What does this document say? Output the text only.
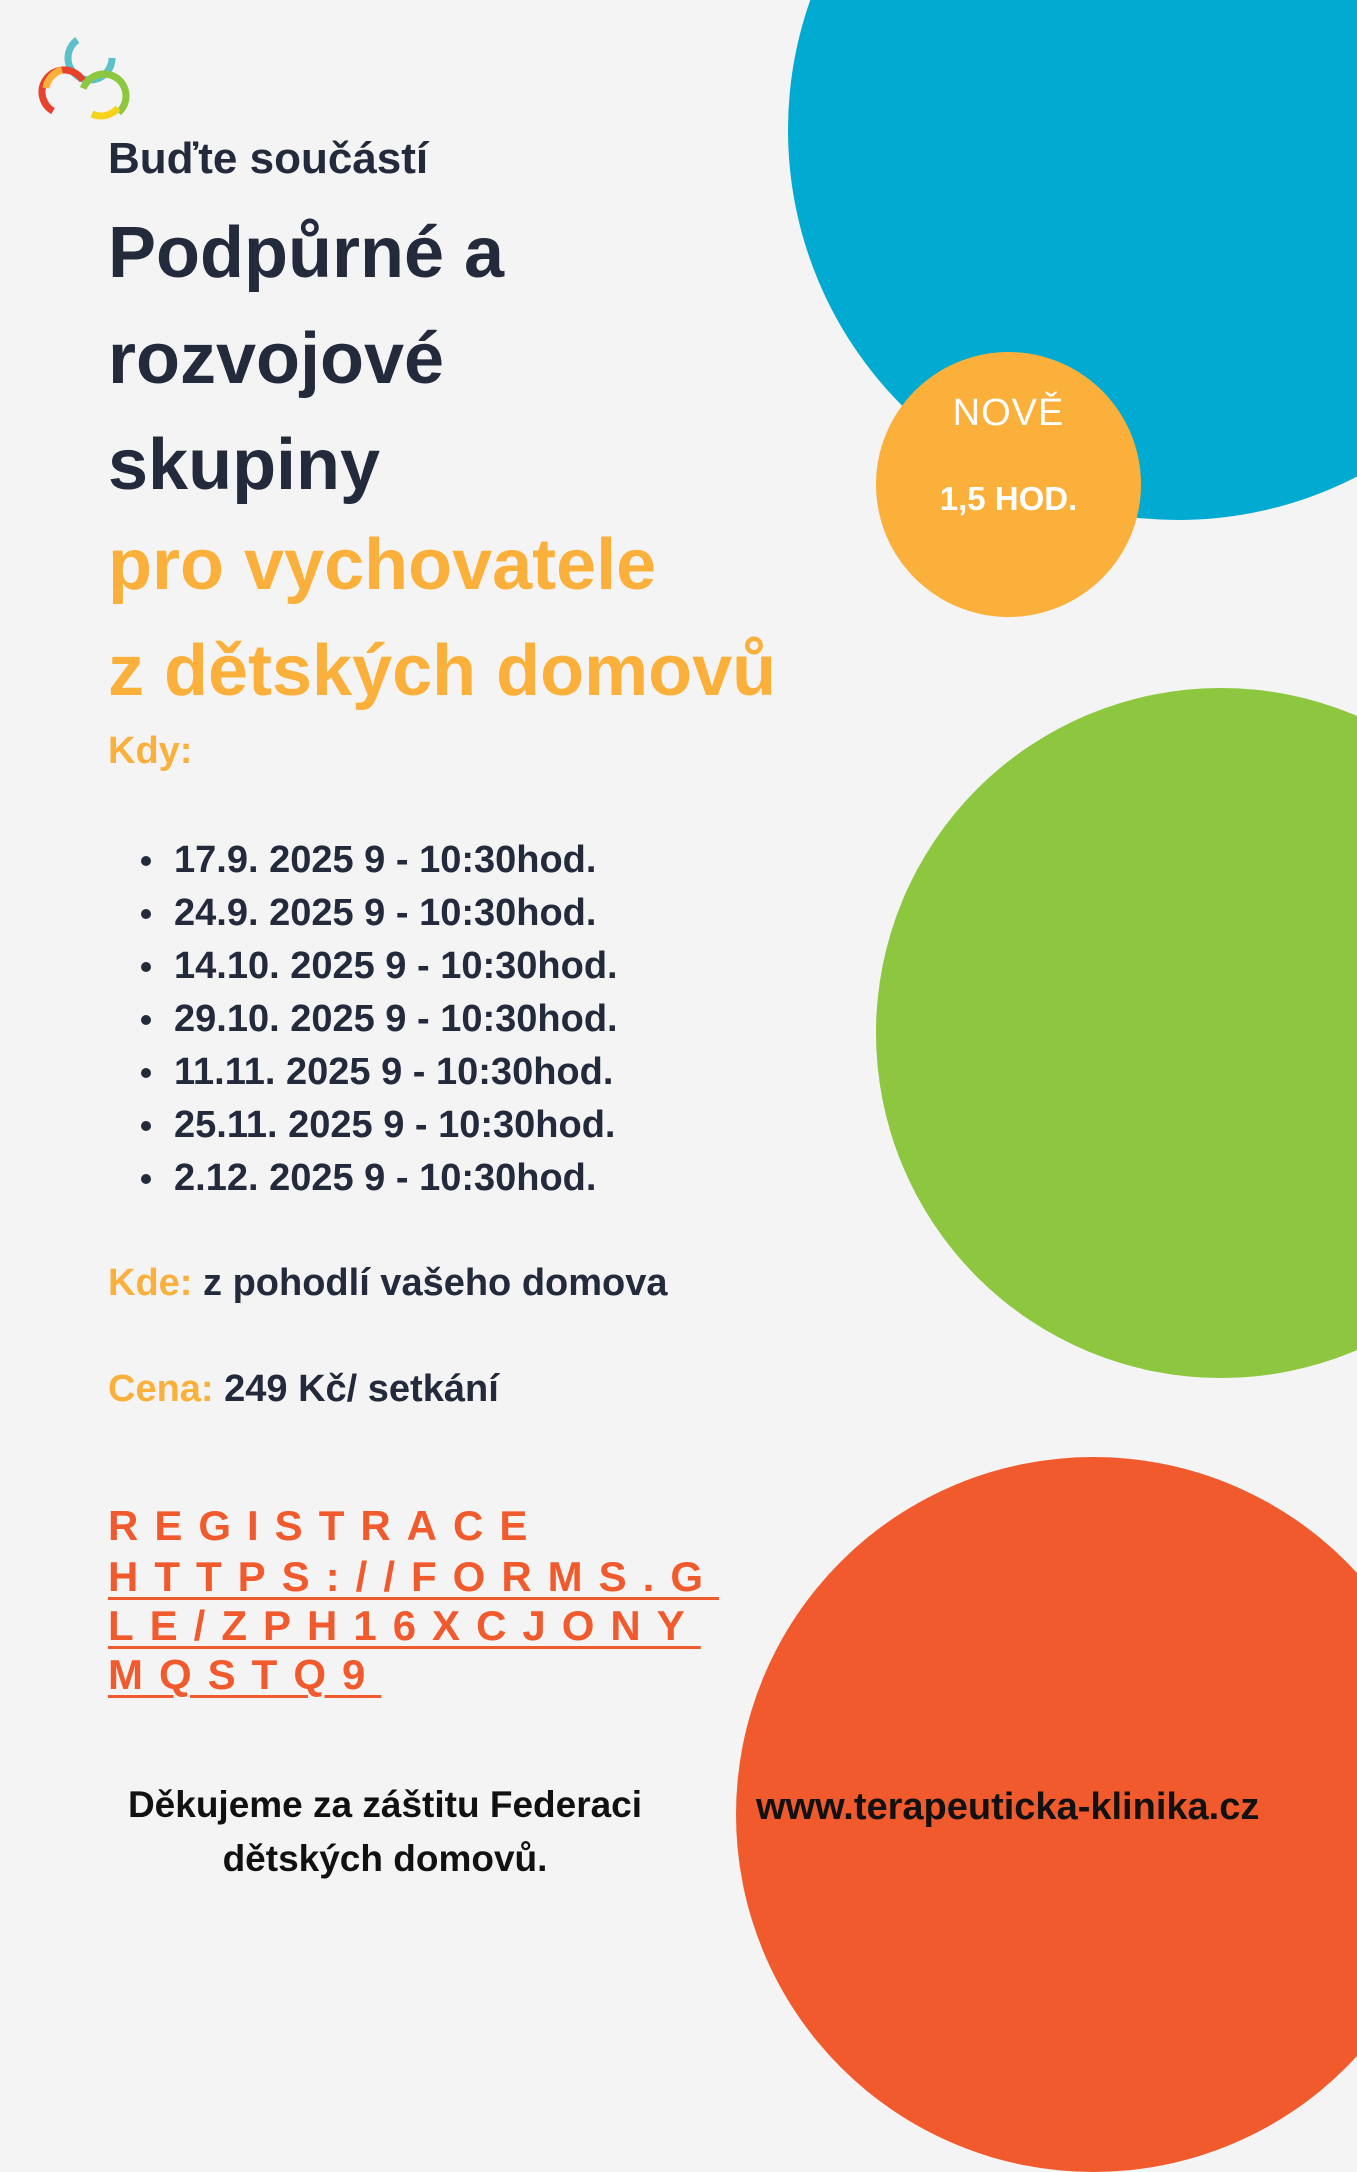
NOVĚ
1,5 HOD.
Buďte součástí
Podpůrné a
rozvojové
skupiny
pro vychovatele
z dětských domovů
Kdy:
17.9. 2025 9 - 10:30hod.
24.9. 2025 9 - 10:30hod.
14.10. 2025 9 - 10:30hod.
29.10. 2025 9 - 10:30hod.
11.11. 2025 9 - 10:30hod.
25.11. 2025 9 - 10:30hod.
2.12. 2025 9 - 10:30hod.
Kde: z pohodlí vašeho domova
Cena: 249 Kč/ setkání
REGISTRACE
HTTPS://FORMS.GLE/ZPH16XCJONYMQSTQ9
Děkujeme za záštitu Federaci
dětských domovů.
www.terapeuticka-klinika.cz
